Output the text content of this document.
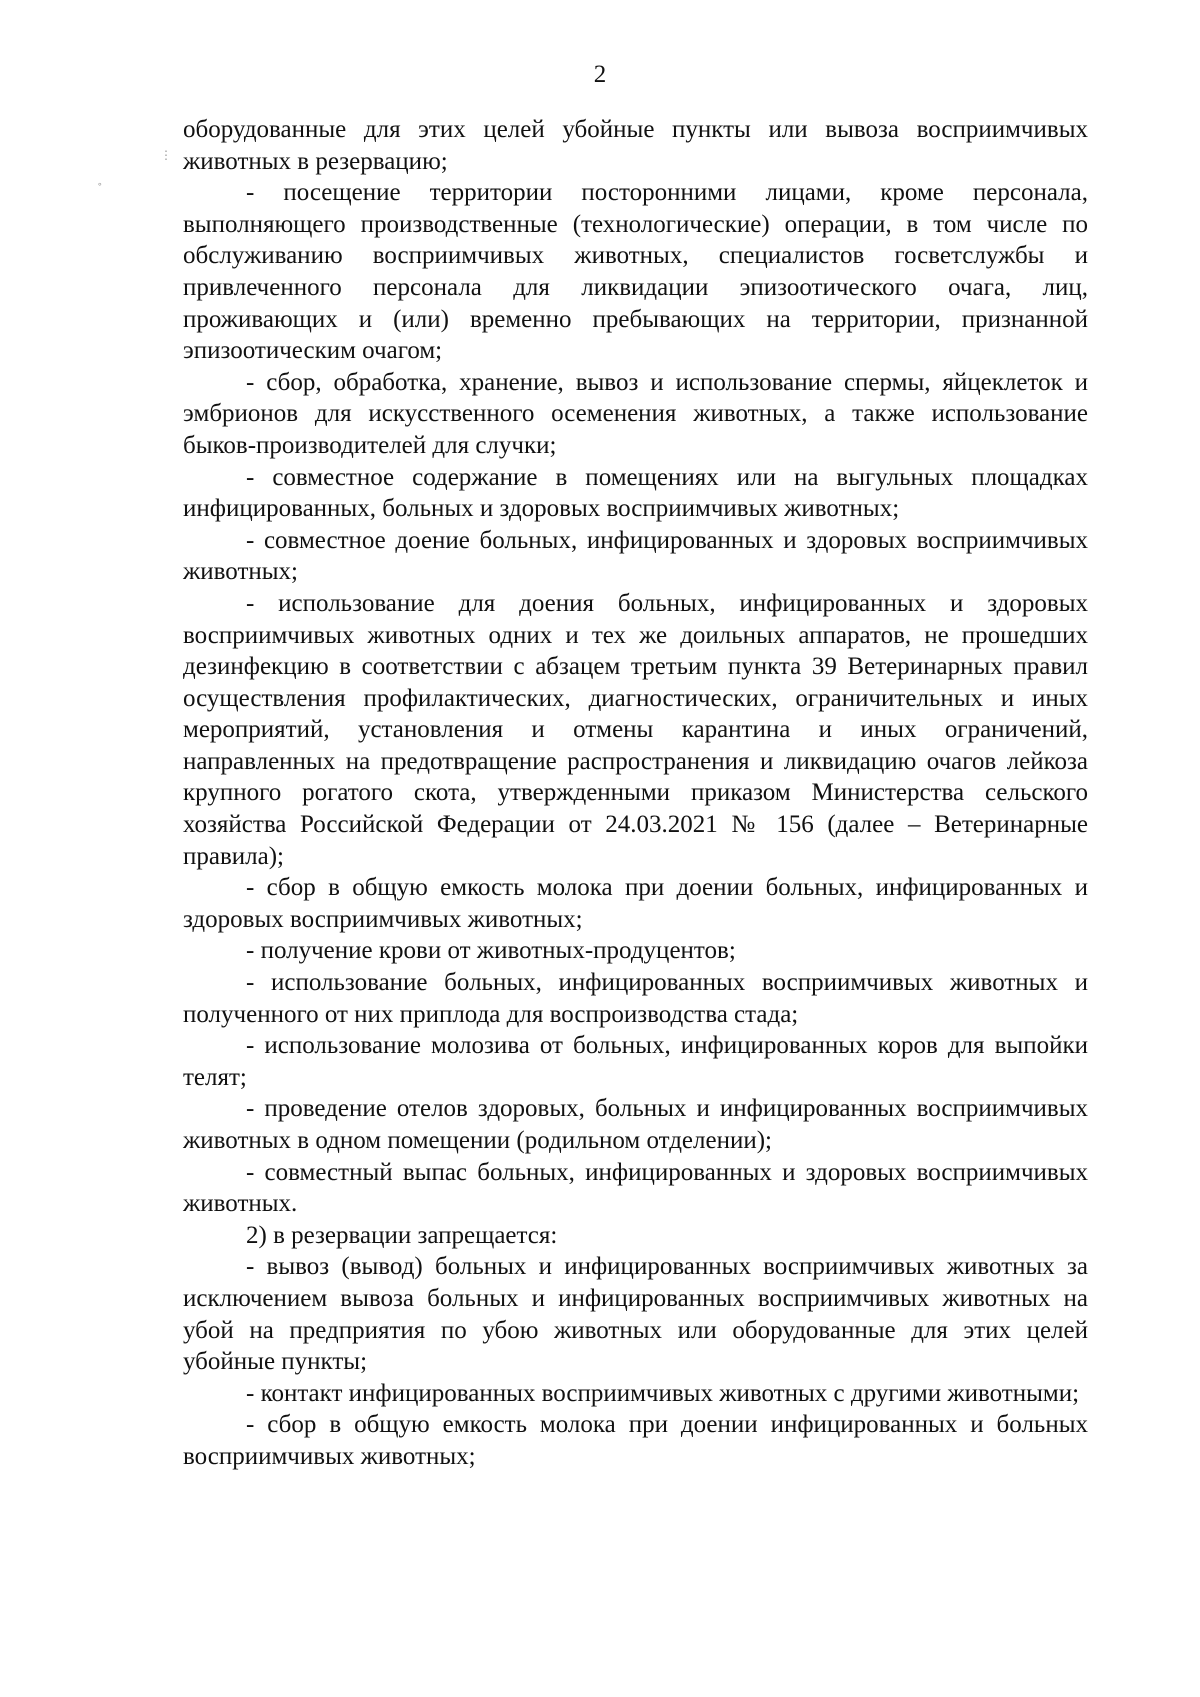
2
⋮
∘

оборудованные для этих целей убойные пункты или вывоза восприимчивых животных в резервацию;

- посещение территории посторонними лицами, кроме персонала, выполняющего производственные (технологические) операции, в том числе по обслуживанию восприимчивых животных, специалистов госветслужбы и привлеченного персонала для ликвидации эпизоотического очага, лиц, проживающих и (или) временно пребывающих на территории, признанной эпизоотическим очагом;

- сбор, обработка, хранение, вывоз и использование спермы, яйцеклеток и эмбрионов для искусственного осеменения животных, а также использование быков-производителей для случки;

- совместное содержание в помещениях или на выгульных площадках инфицированных, больных и здоровых восприимчивых животных;

- совместное доение больных, инфицированных и здоровых восприимчивых животных;

- использование для доения больных, инфицированных и здоровых восприимчивых животных одних и тех же доильных аппаратов, не прошедших дезинфекцию в соответствии с абзацем третьим пункта 39 Ветеринарных правил осуществления профилактических, диагностических, ограничительных и иных мероприятий, установления и отмены карантина и иных ограничений, направленных на предотвращение распространения и ликвидацию очагов лейкоза крупного рогатого скота, утвержденными приказом Министерства сельского хозяйства Российской Федерации от 24.03.2021 № 156 (далее – Ветеринарные правила);

- сбор в общую емкость молока при доении больных, инфицированных и здоровых восприимчивых животных;

- получение крови от животных-продуцентов;

- использование больных, инфицированных восприимчивых животных и полученного от них приплода для воспроизводства стада;

- использование молозива от больных, инфицированных коров для выпойки телят;

- проведение отелов здоровых, больных и инфицированных восприимчивых животных в одном помещении (родильном отделении);

- совместный выпас больных, инфицированных и здоровых восприимчивых животных.

2) в резервации запрещается:

- вывоз (вывод) больных и инфицированных восприимчивых животных за исключением вывоза больных и инфицированных восприимчивых животных на убой на предприятия по убою животных или оборудованные для этих целей убойные пункты;

- контакт инфицированных восприимчивых животных с другими животными;

- сбор в общую емкость молока при доении инфицированных и больных восприимчивых животных;
